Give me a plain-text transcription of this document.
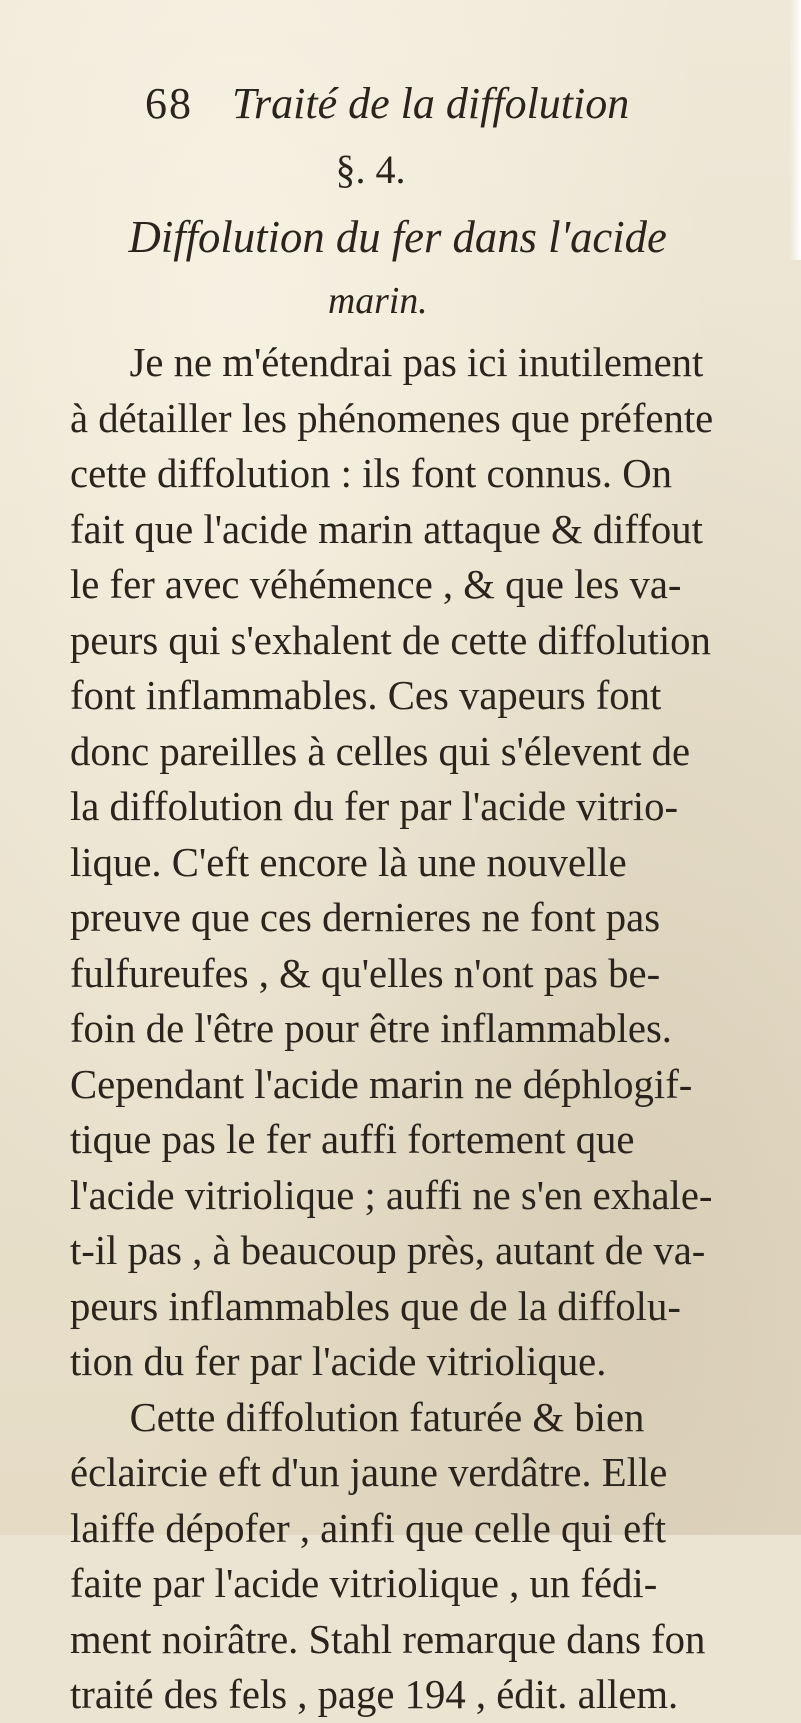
68 Traité de la diffolution
§. 4.
Diffolution du fer dans l'acide
marin.
Je ne m'étendrai pas ici inutilement
à détailler les phénomenes que préfente
cette diffolution : ils font connus. On
fait que l'acide marin attaque & diffout
le fer avec véhémence , & que les va-
peurs qui s'exhalent de cette diffolution
font inflammables. Ces vapeurs font
donc pareilles à celles qui s'élevent de
la diffolution du fer par l'acide vitrio-
lique. C'eft encore là une nouvelle
preuve que ces dernieres ne font pas
fulfureufes , & qu'elles n'ont pas be-
foin de l'être pour être inflammables.
Cependant l'acide marin ne déphlogif-
tique pas le fer auffi fortement que
l'acide vitriolique ; auffi ne s'en exhale-
t-il pas , à beaucoup près, autant de va-
peurs inflammables que de la diffolu-
tion du fer par l'acide vitriolique.
Cette diffolution faturée & bien
éclaircie eft d'un jaune verdâtre. Elle
laiffe dépofer , ainfi que celle qui eft
faite par l'acide vitriolique , un fédi-
ment noirâtre. Stahl remarque dans fon
traité des fels , page 194 , édit. allem.
